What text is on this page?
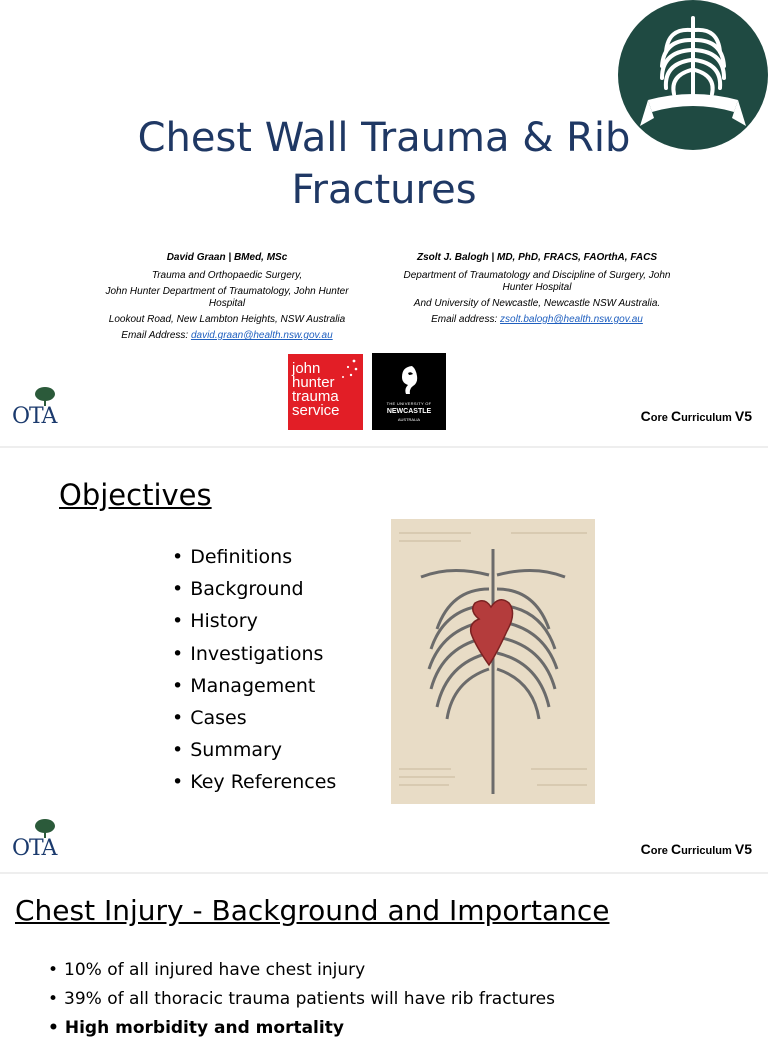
Chest Wall Trauma & Rib
Fractures
David Graan | BMed, MSc
Trauma and Orthopaedic Surgery,
John Hunter Department of Traumatology, John Hunter Hospital
Lookout Road, New Lambton Heights, NSW Australia
Email Address: david.graan@health.nsw.gov.au
Zsolt J. Balogh | MD, PhD, FRACS, FAOrthA, FACS
Department of Traumatology and Discipline of Surgery, John Hunter Hospital
And University of Newcastle, Newcastle NSW Australia.
Email address: zsolt.balogh@health.nsw.gov.au
john
hunter
trauma
service	THE UNIVERSITY OF
NEWCASTLE
AUSTRALIA
OTA	Core Curriculum V5
Objectives
• Definitions
• Background
• History
• Investigations
• Management
• Cases
• Summary
• Key References
OTA	Core Curriculum V5
Chest Injury - Background and Importance
• 10% of all injured have chest injury
• 39% of all thoracic trauma patients will have rib fractures
• High morbidity and mortality
